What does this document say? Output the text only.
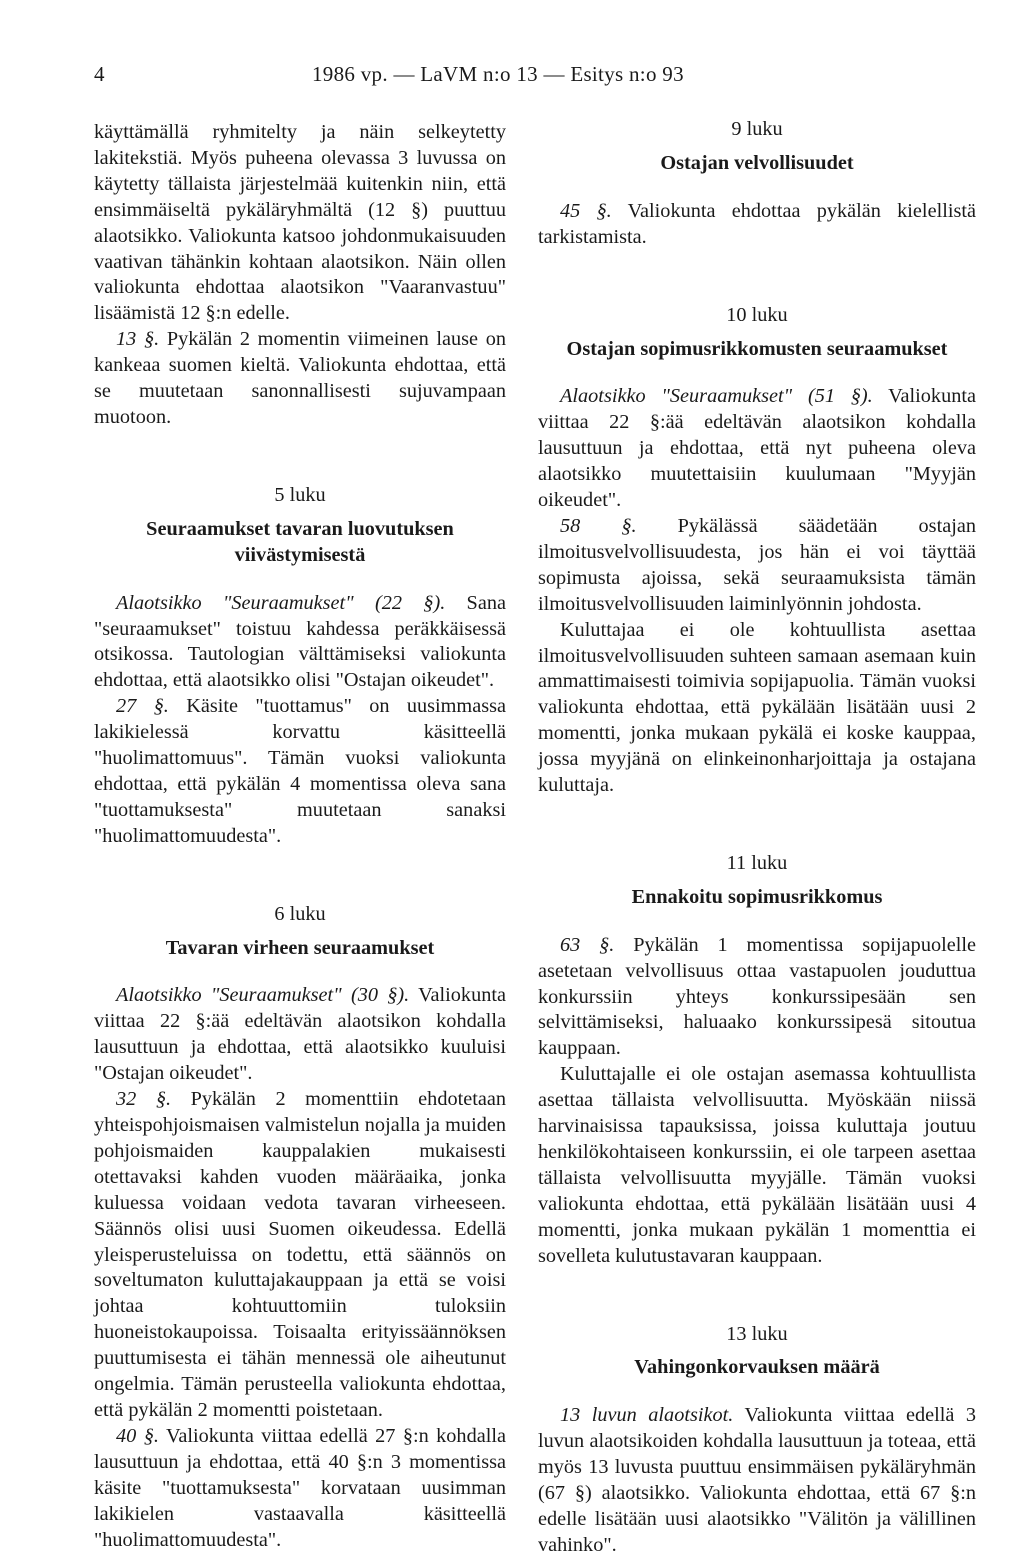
4	1986 vp. — LaVM n:o 13 — Esitys n:o 93

käyttämällä ryhmitelty ja näin selkeytetty lakitekstiä. Myös puheena olevassa 3 luvussa on käytetty tällaista järjestelmää kuitenkin niin, että ensimmäiseltä pykäläryhmältä (12 §) puuttuu alaotsikko. Valiokunta katsoo johdonmukaisuuden vaativan tähänkin kohtaan alaotsikon. Näin ollen valiokunta ehdottaa alaotsikon "Vaaranvastuu" lisäämistä 12 §:n edelle.

13 §. Pykälän 2 momentin viimeinen lause on kankeaa suomen kieltä. Valiokunta ehdottaa, että se muutetaan sanonnallisesti sujuvampaan muotoon.

5 luku
Seuraamukset tavaran luovutuksen viivästymisestä

Alaotsikko "Seuraamukset" (22 §). Sana "seuraamukset" toistuu kahdessa peräkkäisessä otsikossa. Tautologian välttämiseksi valiokunta ehdottaa, että alaotsikko olisi "Ostajan oikeudet".

27 §. Käsite "tuottamus" on uusimmassa lakikielessä korvattu käsitteellä "huolimattomuus". Tämän vuoksi valiokunta ehdottaa, että pykälän 4 momentissa oleva sana "tuottamuksesta" muutetaan sanaksi "huolimattomuudesta".

6 luku
Tavaran virheen seuraamukset

Alaotsikko "Seuraamukset" (30 §). Valiokunta viittaa 22 §:ää edeltävän alaotsikon kohdalla lausuttuun ja ehdottaa, että alaotsikko kuuluisi "Ostajan oikeudet".

32 §. Pykälän 2 momenttiin ehdotetaan yhteispohjoismaisen valmistelun nojalla ja muiden pohjoismaiden kauppalakien mukaisesti otettavaksi kahden vuoden määräaika, jonka kuluessa voidaan vedota tavaran virheeseen. Säännös olisi uusi Suomen oikeudessa. Edellä yleisperusteluissa on todettu, että säännös on soveltumaton kuluttajakauppaan ja että se voisi johtaa kohtuuttomiin tuloksiin huoneistokaupoissa. Toisaalta erityissäännöksen puuttumisesta ei tähän mennessä ole aiheutunut ongelmia. Tämän perusteella valiokunta ehdottaa, että pykälän 2 momentti poistetaan.

40 §. Valiokunta viittaa edellä 27 §:n kohdalla lausuttuun ja ehdottaa, että 40 §:n 3 momentissa käsite "tuottamuksesta" korvataan uusimman lakikielen vastaavalla käsitteellä "huolimattomuudesta".

9 luku
Ostajan velvollisuudet

45 §. Valiokunta ehdottaa pykälän kielellistä tarkistamista.

10 luku
Ostajan sopimusrikkomusten seuraamukset

Alaotsikko "Seuraamukset" (51 §). Valiokunta viittaa 22 §:ää edeltävän alaotsikon kohdalla lausuttuun ja ehdottaa, että nyt puheena oleva alaotsikko muutettaisiin kuulumaan "Myyjän oikeudet".

58 §. Pykälässä säädetään ostajan ilmoitusvelvollisuudesta, jos hän ei voi täyttää sopimusta ajoissa, sekä seuraamuksista tämän ilmoitusvelvollisuuden laiminlyönnin johdosta.

Kuluttajaa ei ole kohtuullista asettaa ilmoitusvelvollisuuden suhteen samaan asemaan kuin ammattimaisesti toimivia sopijapuolia. Tämän vuoksi valiokunta ehdottaa, että pykälään lisätään uusi 2 momentti, jonka mukaan pykälä ei koske kauppaa, jossa myyjänä on elinkeinonharjoittaja ja ostajana kuluttaja.

11 luku
Ennakoitu sopimusrikkomus

63 §. Pykälän 1 momentissa sopijapuolelle asetetaan velvollisuus ottaa vastapuolen jouduttua konkurssiin yhteys konkurssipesään sen selvittämiseksi, haluaako konkurssipesä sitoutua kauppaan.

Kuluttajalle ei ole ostajan asemassa kohtuullista asettaa tällaista velvollisuutta. Myöskään niissä harvinaisissa tapauksissa, joissa kuluttaja joutuu henkilökohtaiseen konkurssiin, ei ole tarpeen asettaa tällaista velvollisuutta myyjälle. Tämän vuoksi valiokunta ehdottaa, että pykälään lisätään uusi 4 momentti, jonka mukaan pykälän 1 momenttia ei sovelleta kulutustavaran kauppaan.

13 luku
Vahingonkorvauksen määrä

13 luvun alaotsikot. Valiokunta viittaa edellä 3 luvun alaotsikoiden kohdalla lausuttuun ja toteaa, että myös 13 luvusta puuttuu ensimmäisen pykäläryhmän (67 §) alaotsikko. Valiokunta ehdottaa, että 67 §:n edelle lisätään uusi alaotsikko "Välitön ja välillinen vahinko".
